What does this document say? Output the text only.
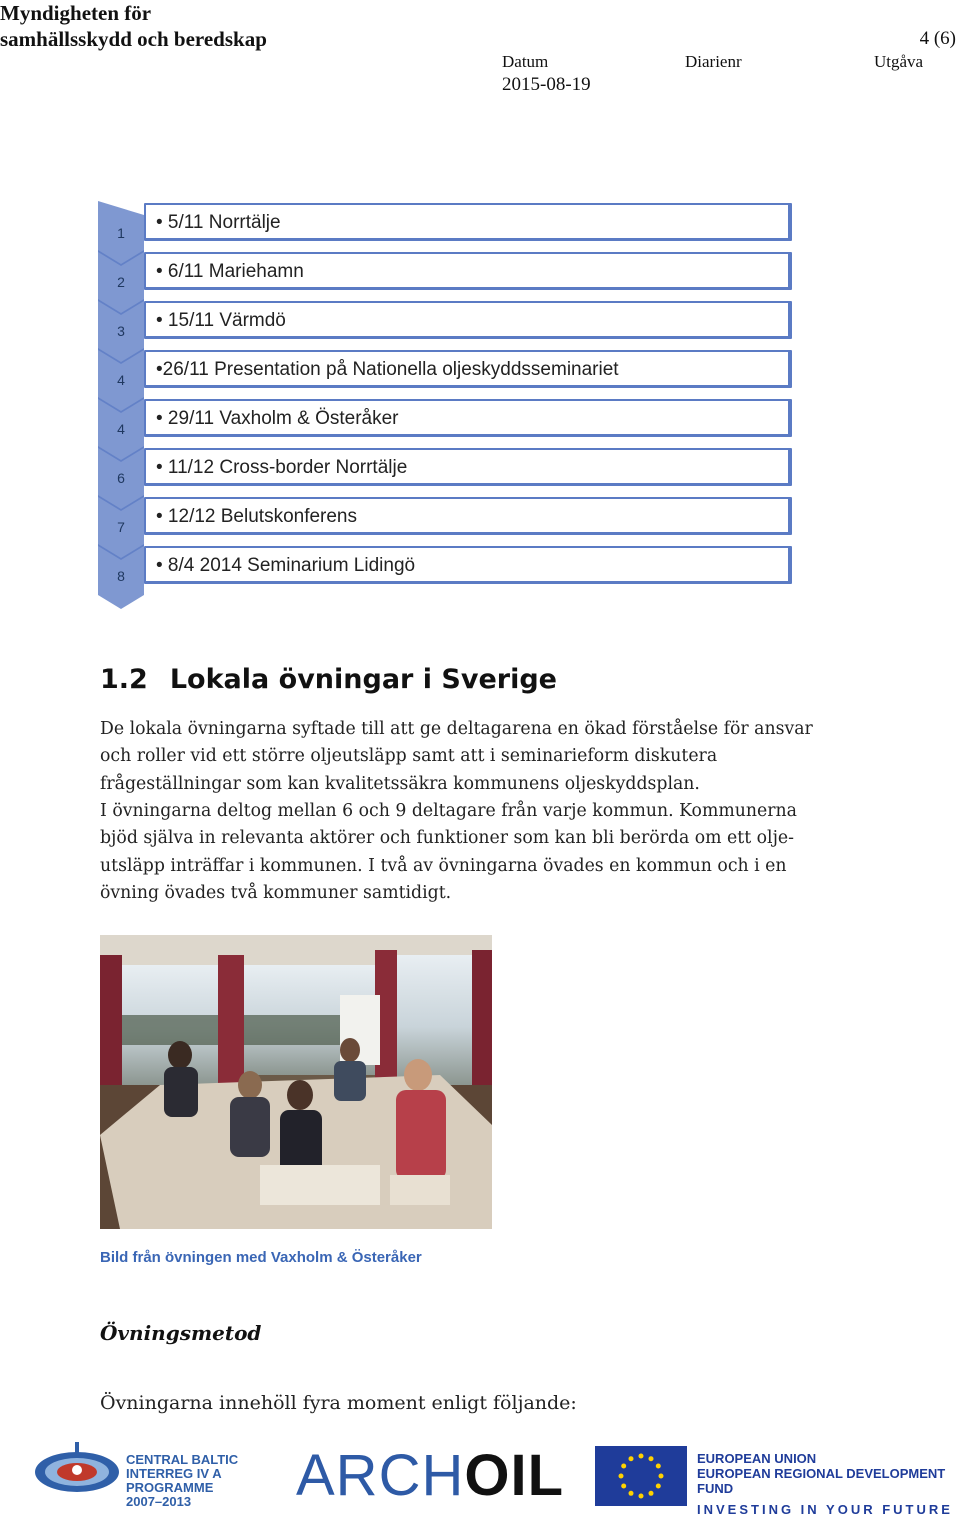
Myndigheten för
samhällsskydd och beredskap	4 (6)
Datum	Diarienr	Utgåva
2015-08-19
1	• 5/11 Norrtälje
2	• 6/11 Mariehamn
3	• 15/11 Värmdö
4	•26/11 Presentation på Nationella oljeskyddsseminariet
4	• 29/11 Vaxholm & Österåker
6	• 11/12 Cross-border Norrtälje
7	• 12/12 Belutskonferens
8	• 8/4 2014 Seminarium Lidingö
1.2 Lokala övningar i Sverige
De lokala övningarna syftade till att ge deltagarena en ökad förståelse för ansvar och roller vid ett större oljeutsläpp samt att i seminarieform diskutera frågeställningar som kan kvalitetssäkra kommunens oljeskyddsplan.
I övningarna deltog mellan 6 och 9 deltagare från varje kommun. Kommunerna bjöd själva in relevanta aktörer och funktioner som kan bli berörda om ett olje-utsläpp inträffar i kommunen. I två av övningarna övades en kommun och i en övning övades två kommuner samtidigt.
Bild från övningen med Vaxholm & Österåker
Övningsmetod
Övningarna innehöll fyra moment enligt följande:
CENTRAL BALTIC
INTERREG IV A
PROGRAMME
2007–2013	ARCHOIL	EUROPEAN UNION
EUROPEAN REGIONAL DEVELOPMENT FUND
INVESTING IN YOUR FUTURE
